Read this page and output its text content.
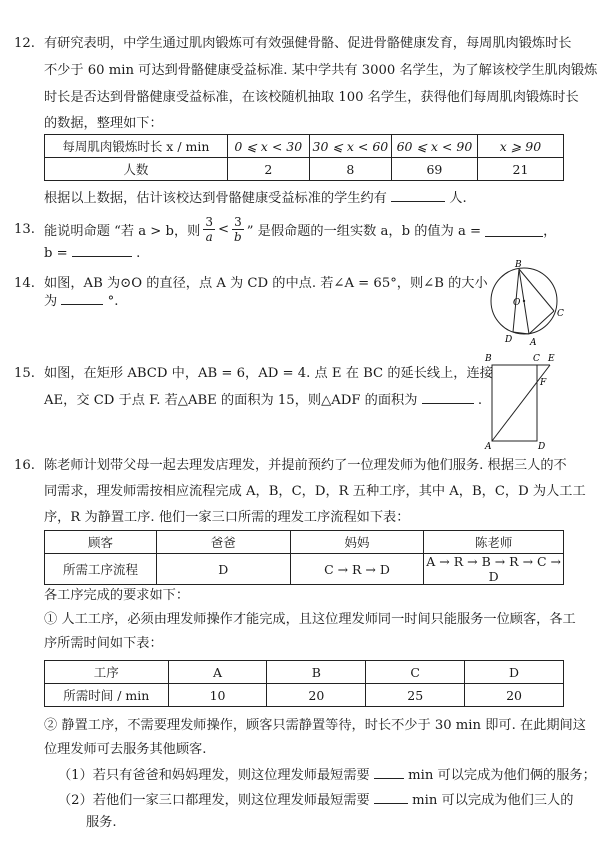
12. 有研究表明，中学生通过肌肉锻炼可有效强健骨骼、促进骨骼健康发育，每周肌肉锻炼时长
不少于 60 min 可达到骨骼健康受益标准. 某中学共有 3000 名学生，为了解该校学生肌肉锻炼
时长是否达到骨骼健康受益标准，在该校随机抽取 100 名学生，获得他们每周肌肉锻炼时长
的数据，整理如下：
每周肌肉锻炼时长 x / min	0 ⩽ x < 30	30 ⩽ x < 60	60 ⩽ x < 90	x ⩾ 90
人数	2	8	69	21
根据以上数据，估计该校达到骨骼健康受益标准的学生约有	人.
13. 能说明命题 “若 a > b，则 $\frac{3}{a} < \frac{3}{b}$ ” 是假命题的一组实数 a，b 的值为 a =	，
b =	.
14. 如图，AB 为⊙O 的直径，点 A 为 CD 的中点. 若∠A = 65°，则∠B 的大小
为	°.
B
O
C
D A
15. 如图，在矩形 ABCD 中，AB = 6，AD = 4. 点 E 在 BC 的延长线上，连接
AE，交 CD 于点 F. 若△ABE 的面积为 15，则△ADF 的面积为	.
B	C E
F
A	D
16. 陈老师计划带父母一起去理发店理发，并提前预约了一位理发师为他们服务. 根据三人的不
同需求，理发师需按相应流程完成 A，B，C，D，R 五种工序，其中 A，B，C，D 为人工工
序，R 为静置工序. 他们一家三口所需的理发工序流程如下表：
顾客	爸爸	妈妈	陈老师
所需工序流程	D	C → R → D	A → R → B → R → C → D
各工序完成的要求如下：
① 人工工序，必须由理发师操作才能完成，且这位理发师同一时间只能服务一位顾客，各工
序所需时间如下表：
工序	A	B	C	D
所需时间 / min	10	20	25	20
② 静置工序，不需要理发师操作，顾客只需静置等待，时长不少于 30 min 即可. 在此期间这
位理发师可去服务其他顾客.
（1）若只有爸爸和妈妈理发，则这位理发师最短需要	min 可以完成为他们俩的服务；
（2）若他们一家三口都理发，则这位理发师最短需要	min 可以完成为他们三人的
服务.
